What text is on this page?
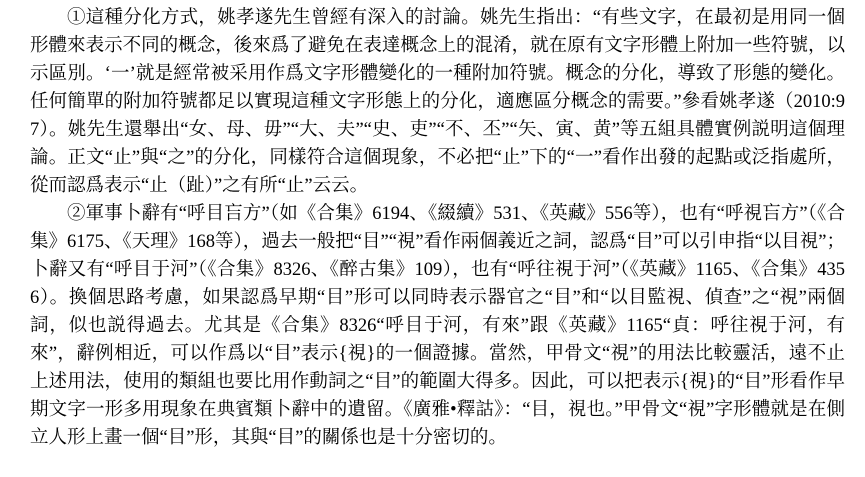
①這種分化方式，姚孝遂先生曾經有深入的討論。姚先生指出：“有些文字，在最初是用同一個形體來表示不同的概念，後來爲了避免在表達概念上的混淆，就在原有文字形體上附加一些符號，以示區別。‘一’就是經常被采用作爲文字形體變化的一種附加符號。概念的分化，導致了形態的變化。任何簡單的附加符號都足以實現這種文字形態上的分化，適應區分概念的需要。”參看姚孝遂（2010:97）。姚先生還舉出“女、母、毋”“大、夫”“史、吏”“不、丕”“矢、寅、黄”等五組具體實例説明這個理論。正文“止”與“之”的分化，同樣符合這個現象，不必把“止”下的“一”看作出發的起點或泛指處所，從而認爲表示“止（趾）”之有所“止”云云。

②軍事卜辭有“呼目吂方”（如《合集》6194、《綴續》531、《英藏》556等），也有“呼視吂方”（《合集》6175、《天理》168等），過去一般把“目”“視”看作兩個義近之詞，認爲“目”可以引申指“以目視”；卜辭又有“呼目于河”（《合集》8326、《醉古集》109），也有“呼往視于河”（《英藏》1165、《合集》4356）。換個思路考慮，如果認爲早期“目”形可以同時表示器官之“目”和“以目監視、偵查”之“視”兩個詞，似也説得過去。尤其是《合集》8326“呼目于河，有來”跟《英藏》1165“貞：呼往視于河，有來”，辭例相近，可以作爲以“目”表示{視}的一個證據。當然，甲骨文“視”的用法比較靈活，遠不止上述用法，使用的類組也要比用作動詞之“目”的範圍大得多。因此，可以把表示{視}的“目”形看作早期文字一形多用現象在典賓類卜辭中的遺留。《廣雅•釋詁》：“目，視也。”甲骨文“視”字形體就是在側立人形上畫一個“目”形，其與“目”的關係也是十分密切的。
